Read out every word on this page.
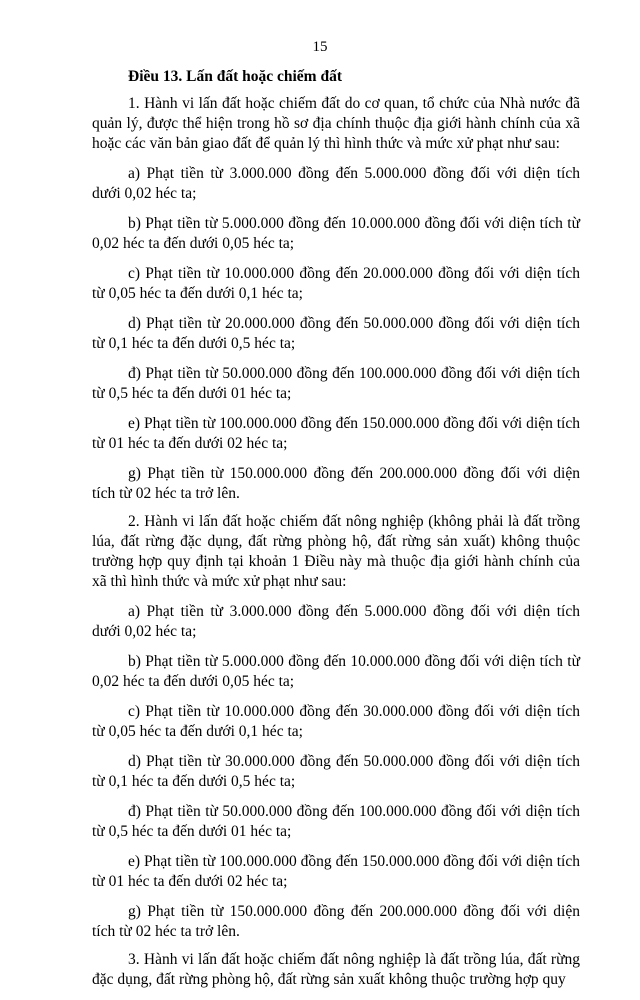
15

Điều 13. Lấn đất hoặc chiếm đất

1. Hành vi lấn đất hoặc chiếm đất do cơ quan, tổ chức của Nhà nước đã quản lý, được thể hiện trong hồ sơ địa chính thuộc địa giới hành chính của xã hoặc các văn bản giao đất để quản lý thì hình thức và mức xử phạt như sau:

a) Phạt tiền từ 3.000.000 đồng đến 5.000.000 đồng đối với diện tích dưới 0,02 héc ta;

b) Phạt tiền từ 5.000.000 đồng đến 10.000.000 đồng đối với diện tích từ 0,02 héc ta đến dưới 0,05 héc ta;

c) Phạt tiền từ 10.000.000 đồng đến 20.000.000 đồng đối với diện tích từ 0,05 héc ta đến dưới 0,1 héc ta;

d) Phạt tiền từ 20.000.000 đồng đến 50.000.000 đồng đối với diện tích từ 0,1 héc ta đến dưới 0,5 héc ta;

đ) Phạt tiền từ 50.000.000 đồng đến 100.000.000 đồng đối với diện tích từ 0,5 héc ta đến dưới 01 héc ta;

e) Phạt tiền từ 100.000.000 đồng đến 150.000.000 đồng đối với diện tích từ 01 héc ta đến dưới 02 héc ta;

g) Phạt tiền từ 150.000.000 đồng đến 200.000.000 đồng đối với diện tích từ 02 héc ta trở lên.

2. Hành vi lấn đất hoặc chiếm đất nông nghiệp (không phải là đất trồng lúa, đất rừng đặc dụng, đất rừng phòng hộ, đất rừng sản xuất) không thuộc trường hợp quy định tại khoản 1 Điều này mà thuộc địa giới hành chính của xã thì hình thức và mức xử phạt như sau:

a) Phạt tiền từ 3.000.000 đồng đến 5.000.000 đồng đối với diện tích dưới 0,02 héc ta;

b) Phạt tiền từ 5.000.000 đồng đến 10.000.000 đồng đối với diện tích từ 0,02 héc ta đến dưới 0,05 héc ta;

c) Phạt tiền từ 10.000.000 đồng đến 30.000.000 đồng đối với diện tích từ 0,05 héc ta đến dưới 0,1 héc ta;

d) Phạt tiền từ 30.000.000 đồng đến 50.000.000 đồng đối với diện tích từ 0,1 héc ta đến dưới 0,5 héc ta;

đ) Phạt tiền từ 50.000.000 đồng đến 100.000.000 đồng đối với diện tích từ 0,5 héc ta đến dưới 01 héc ta;

e) Phạt tiền từ 100.000.000 đồng đến 150.000.000 đồng đối với diện tích từ 01 héc ta đến dưới 02 héc ta;

g) Phạt tiền từ 150.000.000 đồng đến 200.000.000 đồng đối với diện tích từ 02 héc ta trở lên.

3. Hành vi lấn đất hoặc chiếm đất nông nghiệp là đất trồng lúa, đất rừng đặc dụng, đất rừng phòng hộ, đất rừng sản xuất không thuộc trường hợp quy
